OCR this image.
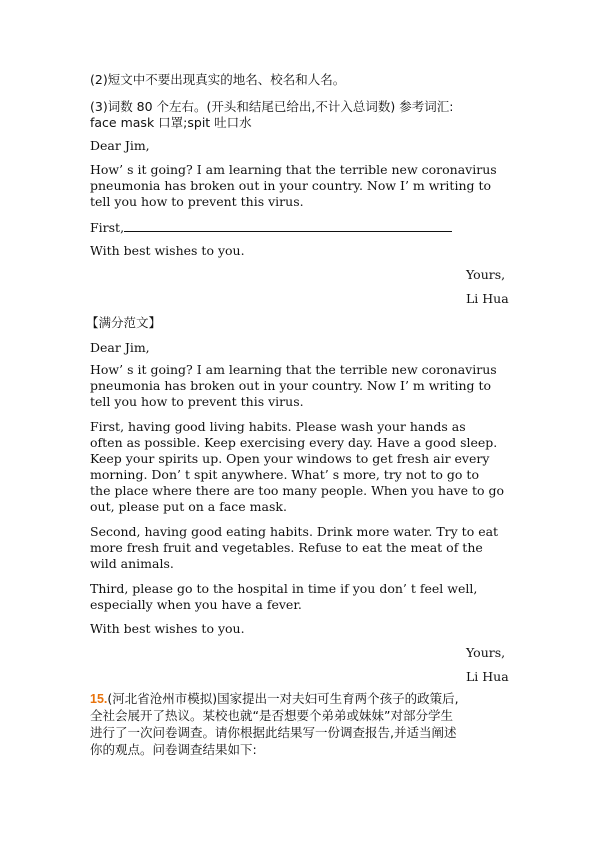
(2)短文中不要出现真实的地名、校名和人名。
(3)词数 80 个左右。(开头和结尾已给出,不计入总词数) 参考词汇:
face mask 口罩;spit 吐口水
Dear Jim,
How’ s it going? I am learning that the terrible new coronavirus
pneumonia has broken out in your country. Now I’ m writing to
tell you how to prevent this virus.
First,
With best wishes to you.
Yours,
Li Hua
【满分范文】
Dear Jim,
How’ s it going? I am learning that the terrible new coronavirus
pneumonia has broken out in your country. Now I’ m writing to
tell you how to prevent this virus.
First, having good living habits. Please wash your hands as
often as possible. Keep exercising every day. Have a good sleep.
Keep your spirits up. Open your windows to get fresh air every
morning. Don’ t spit anywhere. What’ s more, try not to go to
the place where there are too many people. When you have to go
out, please put on a face mask.
Second, having good eating habits. Drink more water. Try to eat
more fresh fruit and vegetables. Refuse to eat the meat of the
wild animals.
Third, please go to the hospital in time if you don’ t feel well,
especially when you have a fever.
With best wishes to you.
Yours,
Li Hua
15.(河北省沧州市模拟)国家提出一对夫妇可生育两个孩子的政策后,
全社会展开了热议。某校也就“是否想要个弟弟或妹妹”对部分学生
进行了一次问卷调查。请你根据此结果写一份调查报告,并适当阐述
你的观点。问卷调查结果如下:
